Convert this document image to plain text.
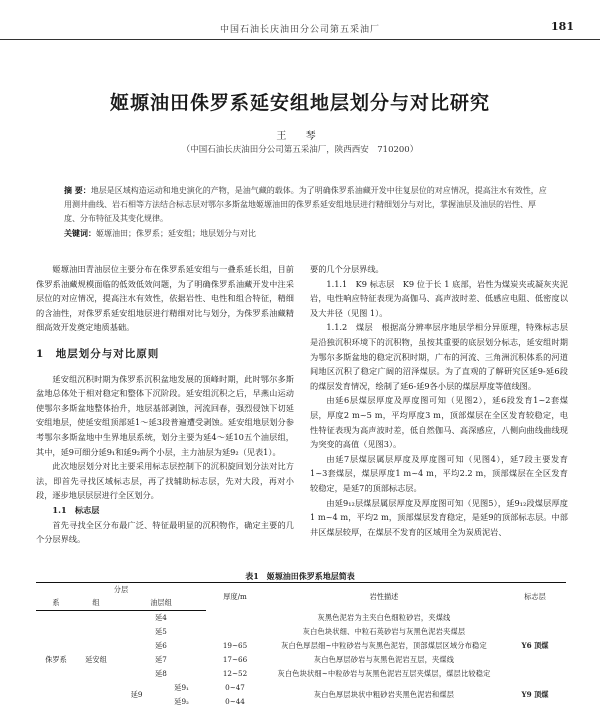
中国石油长庆油田分公司第五采油厂	181
姬塬油田侏罗系延安组地层划分与对比研究
王 琴
（中国石油长庆油田分公司第五采油厂，陕西西安　710200）
摘 要：地层是区域构造运动和地史演化的产物，是油气藏的载体。为了明确侏罗系油藏开发中往复层位的对应情况，提高注水有效性，应用测井曲线、岩石相等方法结合标志层对鄂尔多斯盆地姬塬油田的侏罗系延安组地层进行精细划分与对比，掌握油层及油层的岩性、厚度、分布特征及其变化规律。
关键词：姬塬油田；侏罗系；延安组；地层划分与对比

姬塬油田青油层位主要分布在侏罗系延安组与一叠系延长组，目前侏罗系油藏规模面临的低效低效问题，为了明确侏罗系油藏开发中注采层位的对应情况，提高注水有效性，依据岩性、电性和组合特征，精细的含油性，对侏罗系延安组地层进行精细对比与划分，为侏罗系油藏精细高效开发奠定地质基础。

1　地层划分与对比原则

延安组沉积时期为侏罗系沉积盆地发展的顶峰时期，此时鄂尔多斯盆地总体处于相对稳定和整体下沉阶段。延安组沉积之后，早燕山运动使鄂尔多斯盆地整体抬升，地层基部剥蚀，河流回春，强烈侵蚀下切延安组地层，使延安组顶部延1～延3段普遍遭受剥蚀。延安组地层划分参考鄂尔多斯盆地中生界地层系统，划分主要为延4～延10五个油层组，其中，延9可细分延9₁和延9₂两个小层，主力油层为延9₂（见表1）。

此次地层划分对比主要采用标志层控制下的沉积旋回划分法对比方法，即首先寻找区域标志层，再了找辅助标志层，先对大段，再对小段，逐步地层层层进行全区划分。

1.1　标志层

首先寻找全区分布最广泛、特征最明显的沉积物作，确定主要的几个分层界线。

要的几个分层界线。

1.1.1　K9 标志层　K9 位于长 1 底部，岩性为煤炭夹或凝灰夹泥岩，电性响应特征表现为高伽马、高声波时差、低感应电阻、低密度以及大井径（见图 1）。

1.1.2　煤层　根据高分辨率层序地层学相分异原理，特殊标志层是沿独沉积环境下的沉积物，虽按其重要的底层划分标志，延安组时期为鄂尔多斯盆地的稳定沉积时期，广布的河流、三角洲沉积体系的河道间地区沉积了稳定广阔的沼泽煤层。为了直观的了解研究区延9-延6段的煤层发育情况，绘制了延6-延9各小层的煤层厚度等值线图。

由延6层煤层厚度及厚度图可知（见图2），延6段发育1~2套煤层，厚度2 m~5 m，平均厚度3 m，顶部煤层在全区发育较稳定，电性特征表现为高声波时差，低自然伽马、高深感应，八侧向曲线曲线现为突变的高值（见图3）。

由延7层煤层属层厚度及厚度图可知（见图4），延7段主要发育1~3套煤层，煤层厚度1 m~4 m，平均2.2 m，顶部煤层在全区发育较稳定，是延7的顶部标志层。

由延9₁₂层煤层属层厚度及厚度图可知（见图5），延9₁₂段煤层厚度1 m~4 m，平均2 m，顶部煤层发育稳定，是延9的顶部标志层。中部井区煤层较厚，在煤层不发育的区域用全为炭质泥岩、

表1　姬塬油田侏罗系地层简表
分层				厚度/m	岩性描述	标志层
系	组	油层组				
侏罗系	延安组	延4			灰黑色泥岩为主夹白色细粒砂岩，夹煤线	
		延5			灰白色块状细、中粒石英砂岩与灰黑色泥岩夹煤层	
		延6		19~65	灰白色厚层细~中粒砂岩与灰黑色泥岩，顶部煤层区域分布稳定	Y6 顶煤
		延7		17~66	灰白色厚层砂岩与灰黑色泥岩互层，夹煤线	
		延8		12~52	灰白色块状细~中粒砂岩与灰黑色泥岩互层夹煤层，煤层比较稳定	
		延9	延9₁	0~47	灰白色厚层块状中粗砂岩夹黑色泥岩和煤层	Y9 顶煤
			延9₂	0~44		
